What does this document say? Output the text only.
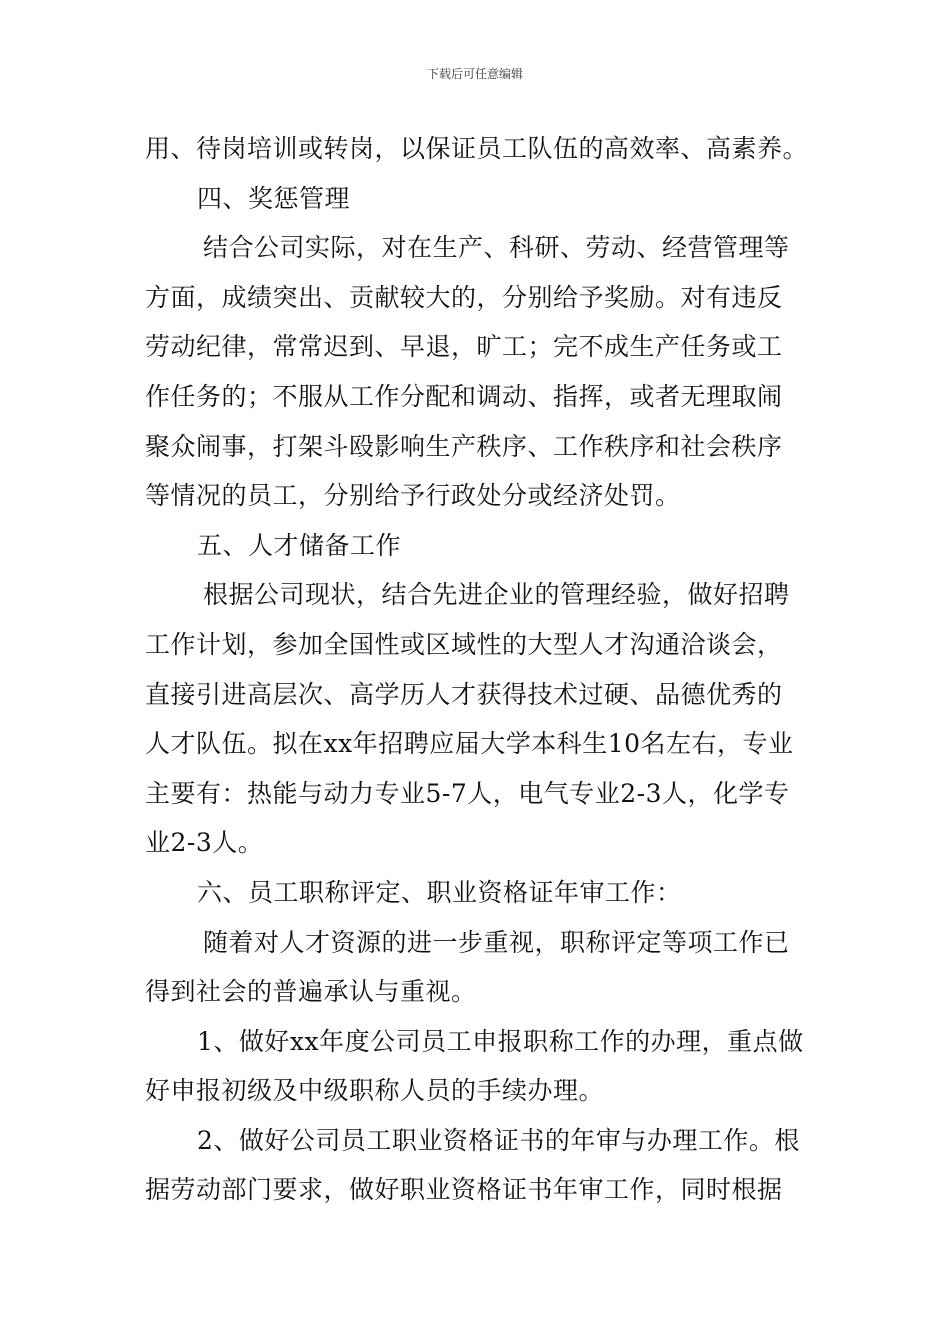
下载后可任意编辑
用、待岗培训或转岗，以保证员工队伍的高效率、高素养。
四、奖惩管理
结合公司实际，对在生产、科研、劳动、经营管理等
方面，成绩突出、贡献较大的，分别给予奖励。对有违反
劳动纪律，常常迟到、早退，旷工；完不成生产任务或工
作任务的；不服从工作分配和调动、指挥，或者无理取闹
聚众闹事，打架斗殴影响生产秩序、工作秩序和社会秩序
等情况的员工，分别给予行政处分或经济处罚。
五、人才储备工作
根据公司现状，结合先进企业的管理经验，做好招聘
工作计划，参加全国性或区域性的大型人才沟通洽谈会，
直接引进高层次、高学历人才获得技术过硬、品德优秀的
人才队伍。拟在xx年招聘应届大学本科生10名左右，专业
主要有：热能与动力专业5-7人，电气专业2-3人，化学专
业2-3人。
六、员工职称评定、职业资格证年审工作：
随着对人才资源的进一步重视，职称评定等项工作已
得到社会的普遍承认与重视。
1、做好xx年度公司员工申报职称工作的办理，重点做
好申报初级及中级职称人员的手续办理。
2、做好公司员工职业资格证书的年审与办理工作。根
据劳动部门要求，做好职业资格证书年审工作，同时根据
